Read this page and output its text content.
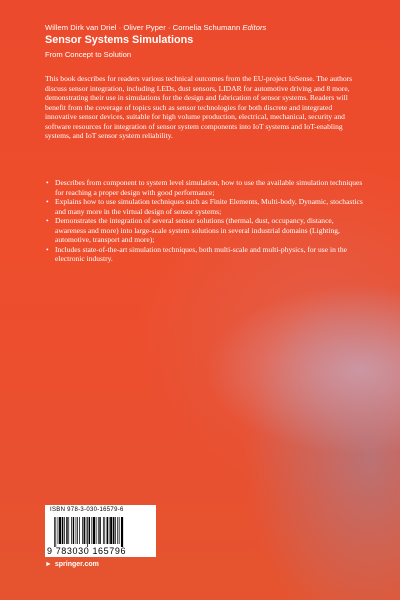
Willem Dirk van Driel · Oliver Pyper · Cornelia Schumann Editors
Sensor Systems Simulations
From Concept to Solution

This book describes for readers various technical outcomes from the EU-project IoSense. The authors discuss sensor integration, including LEDs, dust sensors, LIDAR for automotive driving and 8 more, demonstrating their use in simulations for the design and fabrication of sensor systems. Readers will benefit from the coverage of topics such as sensor technologies for both discrete and integrated innovative sensor devices, suitable for high volume production, electrical, mechanical, security and software resources for integration of sensor system components into IoT systems and IoT-enabling systems, and IoT sensor system reliability.

• Describes from component to system level simulation, how to use the available simulation techniques for reaching a proper design with good performance;
• Explains how to use simulation techniques such as Finite Elements, Multi-body, Dynamic, stochastics and many more in the virtual design of sensor systems;
• Demonstrates the integration of several sensor solutions (thermal, dust, occupancy, distance, awareness and more) into large-scale system solutions in several industrial domains (Lighting, automotive, transport and more);
• Includes state-of-the-art simulation techniques, both multi-scale and multi-physics, for use in the electronic industry.
ISBN 978-3-030-16579-6
9 783030 165796
► springer.com
